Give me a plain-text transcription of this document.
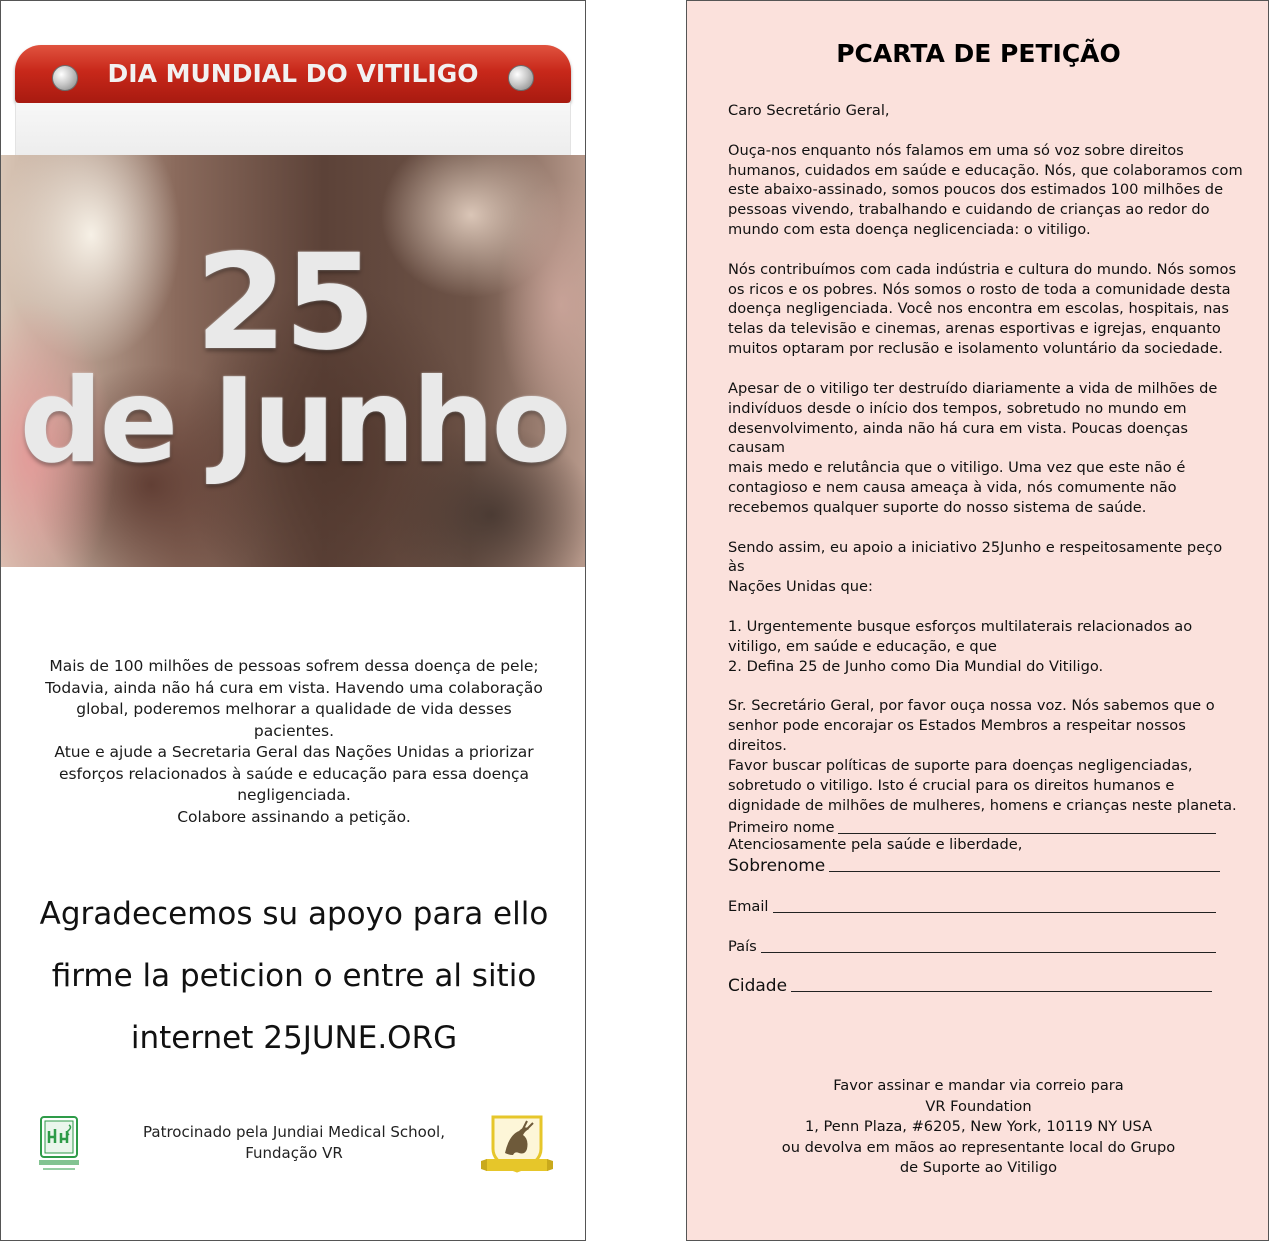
DIA MUNDIAL DO VITILIGO
25
de Junho
Mais de 100 milhões de pessoas sofrem dessa doença de pele;
Todavia, ainda não há cura em vista. Havendo uma colaboração
global, poderemos melhorar a qualidade de vida desses
pacientes.
Atue e ajude a Secretaria Geral das Nações Unidas a priorizar
esforços relacionados à saúde e educação para essa doença
negligenciada.
Colabore assinando a petição.
Agradecemos su apoyo para ello
firme la peticion o entre al sitio
internet 25JUNE.ORG
Patrocinado pela Jundiai Medical School,
Fundação VR
PCARTA DE PETIÇÃO

Caro Secretário Geral,

Ouça-nos enquanto nós falamos em uma só voz sobre direitos
humanos, cuidados em saúde e educação. Nós, que colaboramos com
este abaixo-assinado, somos poucos dos estimados 100 milhões de
pessoas vivendo, trabalhando e cuidando de crianças ao redor do
mundo com esta doença neglicenciada: o vitiligo.

Nós contribuímos com cada indústria e cultura do mundo. Nós somos
os ricos e os pobres. Nós somos o rosto de toda a comunidade desta
doença negligenciada. Você nos encontra em escolas, hospitais, nas
telas da televisão e cinemas, arenas esportivas e igrejas, enquanto
muitos optaram por reclusão e isolamento voluntário da sociedade.

Apesar de o vitiligo ter destruído diariamente a vida de milhões de
indivíduos desde o início dos tempos, sobretudo no mundo em
desenvolvimento, ainda não há cura em vista. Poucas doenças causam
mais medo e relutância que o vitiligo. Uma vez que este não é
contagioso e nem causa ameaça à vida, nós comumente não
recebemos qualquer suporte do nosso sistema de saúde.

Sendo assim, eu apoio a iniciativo 25Junho e respeitosamente peço às
Nações Unidas que:

1. Urgentemente busque esforços multilaterais relacionados ao
vitiligo, em saúde e educação, e que
2. Defina 25 de Junho como Dia Mundial do Vitiligo.

Sr. Secretário Geral, por favor ouça nossa voz. Nós sabemos que o
senhor pode encorajar os Estados Membros a respeitar nossos direitos.
Favor buscar políticas de suporte para doenças negligenciadas,
sobretudo o vitiligo. Isto é crucial para os direitos humanos e
dignidade de milhões de mulheres, homens e crianças neste planeta.

Atenciosamente pela saúde e liberdade,

Primeiro nome
Sobrenome
Email
País
Cidade
Favor assinar e mandar via correio para
VR Foundation
1, Penn Plaza, #6205, New York, 10119 NY USA
ou devolva em mãos ao representante local do Grupo
de Suporte ao Vitiligo
